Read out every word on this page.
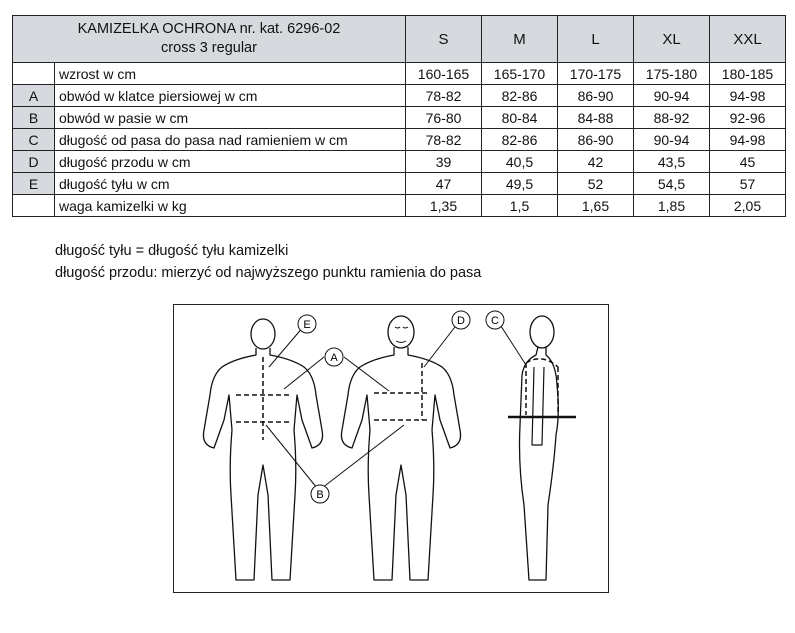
KAMIZELKA OCHRONA nr. kat. 6296-02
cross 3 regular		S	M	L	XL	XXL
	wzrost w cm	160-165	165-170	170-175	175-180	180-185
A	obwód w klatce piersiowej w cm	78-82	82-86	86-90	90-94	94-98
B	obwód w pasie w cm	76-80	80-84	84-88	88-92	92-96
C	długość od pasa do pasa nad ramieniem w cm	78-82	82-86	86-90	90-94	94-98
D	długość przodu w cm	39	40,5	42	43,5	45
E	długość tyłu w cm	47	49,5	52	54,5	57
	waga kamizelki w kg	1,35	1,5	1,65	1,85	2,05
długość tyłu = długość tyłu kamizelki
długość przodu: mierzyć od najwyższego punktu ramienia do pasa
E
A
B
D C
